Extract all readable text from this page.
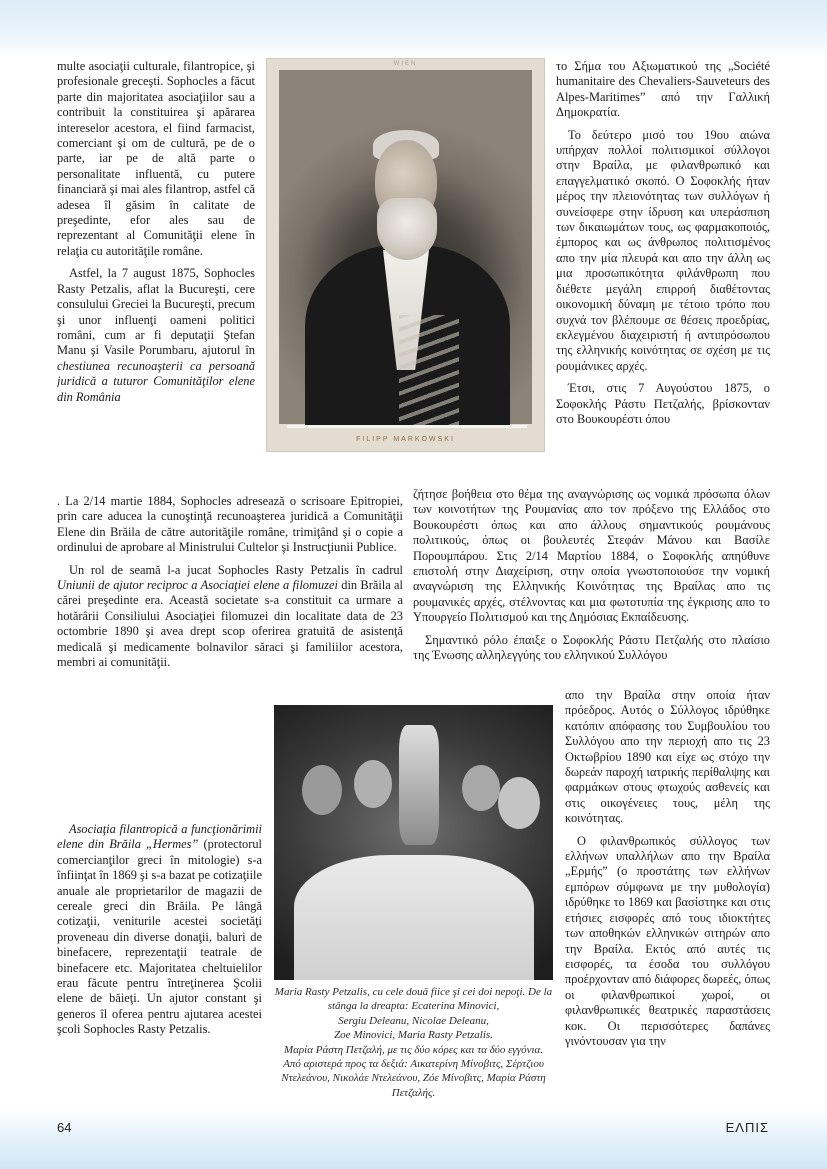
multe asociaţii culturale, filantropice, şi profesionale greceşti. Sophocles a făcut parte din majoritatea asociaţiilor sau a contribuit la constituirea şi apărarea intereselor acestora, el fiind farmacist, comerciant şi om de cultură, pe de o parte, iar pe de altă parte o personalitate influentă, cu putere financiară şi mai ales filantrop, astfel că adesea îl găsim în calitate de preşedinte, efor ales sau de reprezentant al Comunităţii elene în relaţia cu autorităţile române.

Astfel, la 7 august 1875, Sophocles Rasty Petzalis, aflat la Bucureşti, cere consulului Greciei la Bucureşti, precum şi unor influenţi oameni politici români, cum ar fi deputaţii Ştefan Manu şi Vasile Porumbaru, ajutorul în chestiunea recunoaşterii ca persoană juridică a tuturor Comunităţilor elene din România

. La 2/14 martie 1884, Sophocles adresează o scrisoare Epitropiei, prin care aducea la cunoştinţă recunoaşterea juridică a Comunităţii Elene din Brăila de către autorităţile române, trimiţând şi o copie a ordinului de aprobare al Ministrului Cultelor şi Instrucţiunii Publice.

Un rol de seamă l-a jucat Sophocles Rasty Petzalis în cadrul Uniunii de ajutor reciproc a Asociaţiei elene a filomuzei din Brăila al cărei preşedinte era. Această societate s-a constituit ca urmare a hotărârii Consiliului Asociaţiei filomuzei din localitate data de 23 octombrie 1890 şi avea drept scop oferirea gratuită de asistenţă medicală şi medicamente bolnavilor săraci şi familiilor acestora, membri ai comunităţii.

Asociaţia filantropică a funcţionărimii elene din Brăila „Hermes” (protectorul comercianţilor greci în mitologie) s-a înfiinţat în 1869 şi s-a bazat pe cotizaţiile anuale ale proprietarilor de magazii de cereale greci din Brăila. Pe lângă cotizaţii, veniturile acestei societăţi proveneau din diverse donaţii, baluri de binefacere, reprezentaţii teatrale de binefacere etc. Majoritatea cheltuielilor erau făcute pentru întreţinerea Şcolii elene de băieţi. Un ajutor constant şi generos îl oferea pentru ajutarea acestei şcoli Sophocles Rasty Petzalis.

το Σήμα του Αξιωματικού της „Société humanitaire des Chevaliers-Sauveteurs des Alpes-Maritimes” από την Γαλλική Δημοκρατία.

Το δεύτερο μισό του 19ου αιώνα υπήρχαν πολλοί πολιτισμικοί σύλλογοι στην Βραίλα, με φιλανθρωπικό και επαγγελματικό σκοπό. Ο Σοφοκλής ήταν μέρος την πλειονότητας των συλλόγων ή συνείσφερε στην ίδρυση και υπεράσπιση των δικαιωμάτων τους, ως φαρμακοποιός, έμπορος και ως άνθρωπος πολιτισμένος απο την μία πλευρά και απο την άλλη ως μια προσωπικότητα φιλάνθρωπη που διέθετε μεγάλη επιρροή διαθέτοντας οικονομική δύναμη με τέτοιο τρόπο που συχνά τον βλέπουμε σε θέσεις προεδρίας, εκλεγμένου διαχειριστή ή αντιπρόσωπου της ελληνικής κοινότητας σε σχέση με τις ρουμάνικες αρχές.

Έτσι, στις 7 Αυγούστου 1875, ο Σοφοκλής Ράστυ Πετζαλής, βρίσκονταν στο Βουκουρέστι όπου

ζήτησε βοήθεια στο θέμα της αναγνώρισης ως νομικά πρόσωπα όλων των κοινοτήτων της Ρουμανίας απο τον πρόξενο της Ελλάδος στο Βουκουρέστι όπως και απο άλλους σημαντικούς ρουμάνους πολιτικούς, όπως οι βουλευτές Στεφάν Μάνου και Βασίλε Πορουμπάρου. Στις 2/14 Μαρτίου 1884, ο Σοφοκλής απηύθυνε επιστολή στην Διαχείριση, στην οποία γνωστοποιούσε την νομική αναγνώριση της Ελληνικής Κοινότητας της Βραίλας απο τις ρουμανικές αρχές, στέλνοντας και μια φωτοτυπία της έγκρισης απο το Υπουργείο Πολιτισμού και της Δημόσιας Εκπαίδευσης.

Σημαντικό ρόλο έπαιξε ο Σοφοκλής Ράστυ Πετζαλής στο πλαίσιο της Ένωσης αλληλεγγύης του ελληνικού Συλλόγου

απο την Βραίλα στην οποία ήταν πρόεδρος. Αυτός ο Σύλλογος ιδρύθηκε κατόπιν απόφασης του Συμβουλίου του Συλλόγου απο την περιοχή απο τις 23 Οκτωβρίου 1890 και είχε ως στόχο την δωρεάν παροχή ιατρικής περίθαλψης και φαρμάκων στους φτωχούς ασθενείς και στις οικογένειες τους, μέλη της κοινότητας.

Ο φιλανθρωπικός σύλλογος των ελλήνων υπαλλήλων απο την Βραίλα „Ερμής” (ο προστάτης των ελλήνων εμπόρων σύμφωνα με την μυθολογία) ιδρύθηκε το 1869 και βασίστηκε και στις ετήσιες εισφορές από τους ιδιοκτήτες των αποθηκών ελληνικών σιτηρών απο την Βραίλα. Εκτός από αυτές τις εισφορές, τα έσοδα του συλλόγου προέρχονταν από διάφορες δωρεές, όπως οι φιλανθρωπικοί χωροί, οι φιλανθρωπικές θεατρικές παραστάσεις κοκ. Οι περισσότερες δαπάνες γινόντουσαν για την

WIEN
FILIPP MARKOWSKI
Maria Rasty Petzalis, cu cele două fiice şi cei doi nepoţi. De la stânga la dreapta: Ecaterina Minovici,
Sergiu Deleanu, Nicolae Deleanu,
Zoe Minovici, Maria Rasty Petzalis.
Μαρία Ράστη Πετζαλή, με τις δύο κόρες και τα δύο εγγόνια. Από αριστερά προς τα δεξιά: Αικατερίνη Μίνοβιτς, Σέρτζιου Ντελεάνου, Νικολάε Ντελεάνου, Ζόε Μίνοβιτς, Μαρία Ράστη Πετζαλής.
64	ΕΛΠΙΣ
